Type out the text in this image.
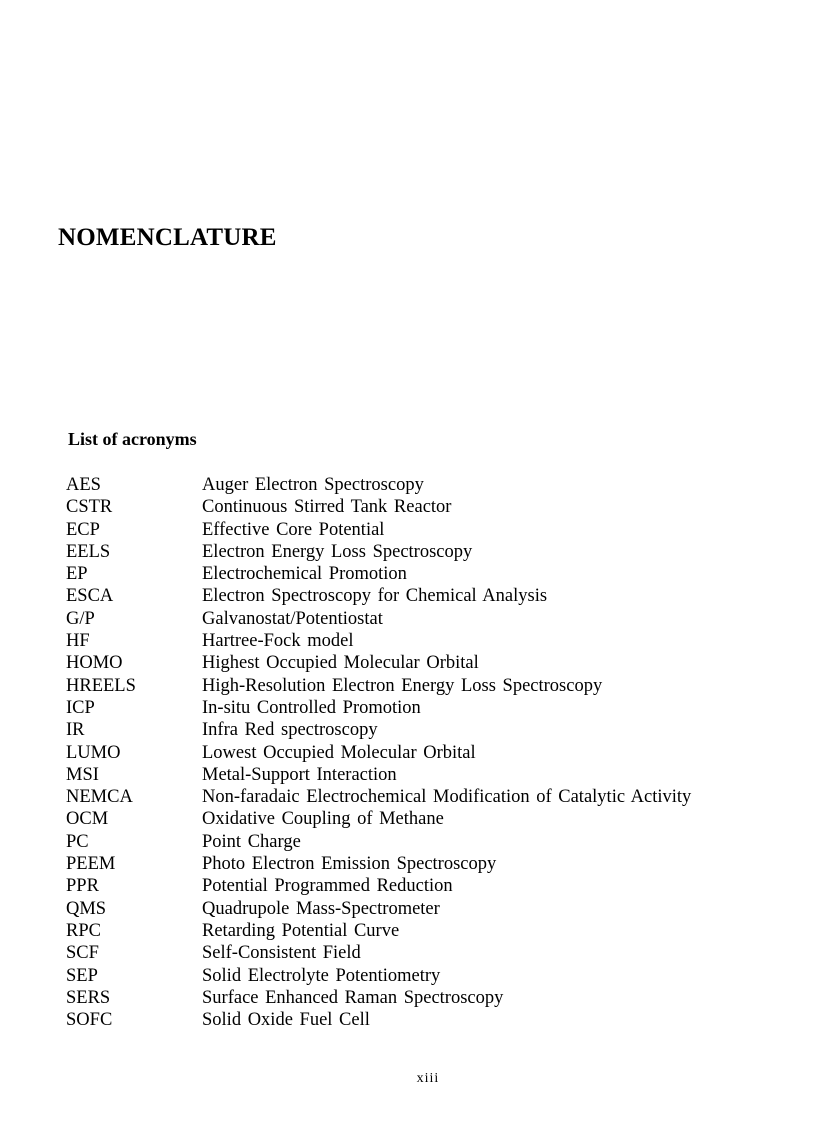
NOMENCLATURE
List of acronyms
AES	Auger Electron Spectroscopy
CSTR	Continuous Stirred Tank Reactor
ECP	Effective Core Potential
EELS	Electron Energy Loss Spectroscopy
EP	Electrochemical Promotion
ESCA	Electron Spectroscopy for Chemical Analysis
G/P	Galvanostat/Potentiostat
HF	Hartree-Fock model
HOMO	Highest Occupied Molecular Orbital
HREELS	High-Resolution Electron Energy Loss Spectroscopy
ICP	In-situ Controlled Promotion
IR	Infra Red spectroscopy
LUMO	Lowest Occupied Molecular Orbital
MSI	Metal-Support Interaction
NEMCA	Non-faradaic Electrochemical Modification of Catalytic Activity
OCM	Oxidative Coupling of Methane
PC	Point Charge
PEEM	Photo Electron Emission Spectroscopy
PPR	Potential Programmed Reduction
QMS	Quadrupole Mass-Spectrometer
RPC	Retarding Potential Curve
SCF	Self-Consistent Field
SEP	Solid Electrolyte Potentiometry
SERS	Surface Enhanced Raman Spectroscopy
SOFC	Solid Oxide Fuel Cell
xiii
